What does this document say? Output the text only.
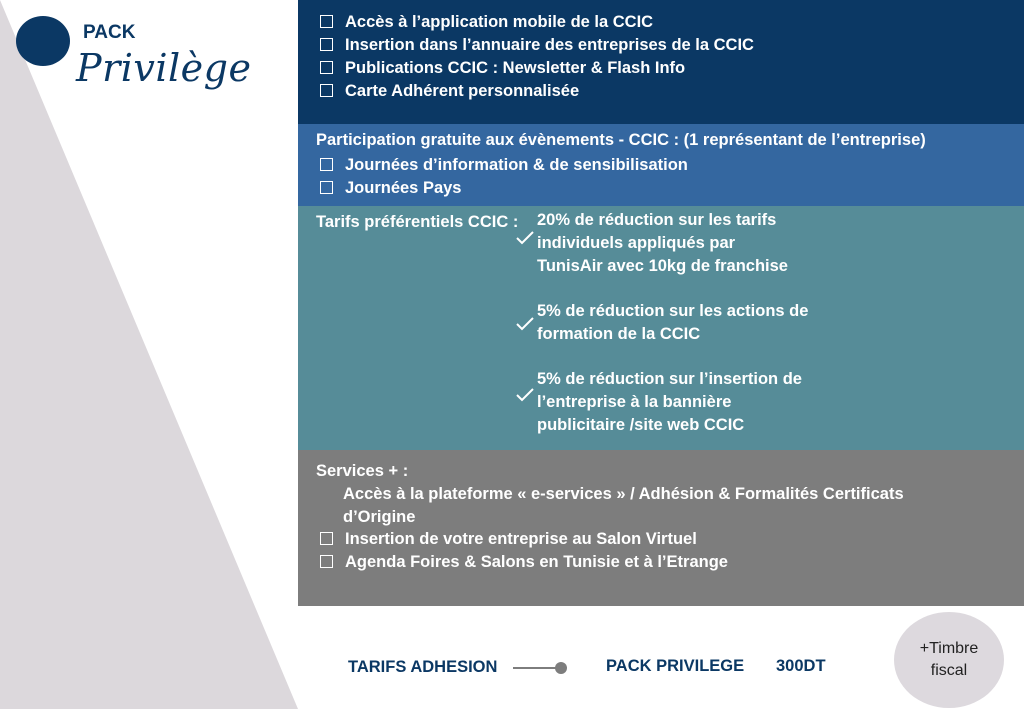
PACK
Privilège
Accès à l’application mobile de la CCIC
Insertion dans l’annuaire des entreprises de la CCIC
Publications CCIC : Newsletter & Flash Info
Carte Adhérent personnalisée
Participation gratuite aux évènements - CCIC : (1 représentant de l’entreprise)
Journées d’information & de sensibilisation
Journées Pays
Tarifs préférentiels CCIC : 20% de réduction sur les tarifs
individuels appliqués par
TunisAir avec 10kg de franchise
5% de réduction sur les actions de
formation de la CCIC
5% de réduction sur l’insertion de
l’entreprise à la bannière
publicitaire /site web CCIC
Services + :
Accès à la plateforme « e-services » / Adhésion & Formalités Certificats
d’Origine
Insertion de votre entreprise au Salon Virtuel
Agenda Foires & Salons en Tunisie et à l’Etrange
TARIFS ADHESION	PACK PRIVILEGE 300DT
+Timbre
fiscal
